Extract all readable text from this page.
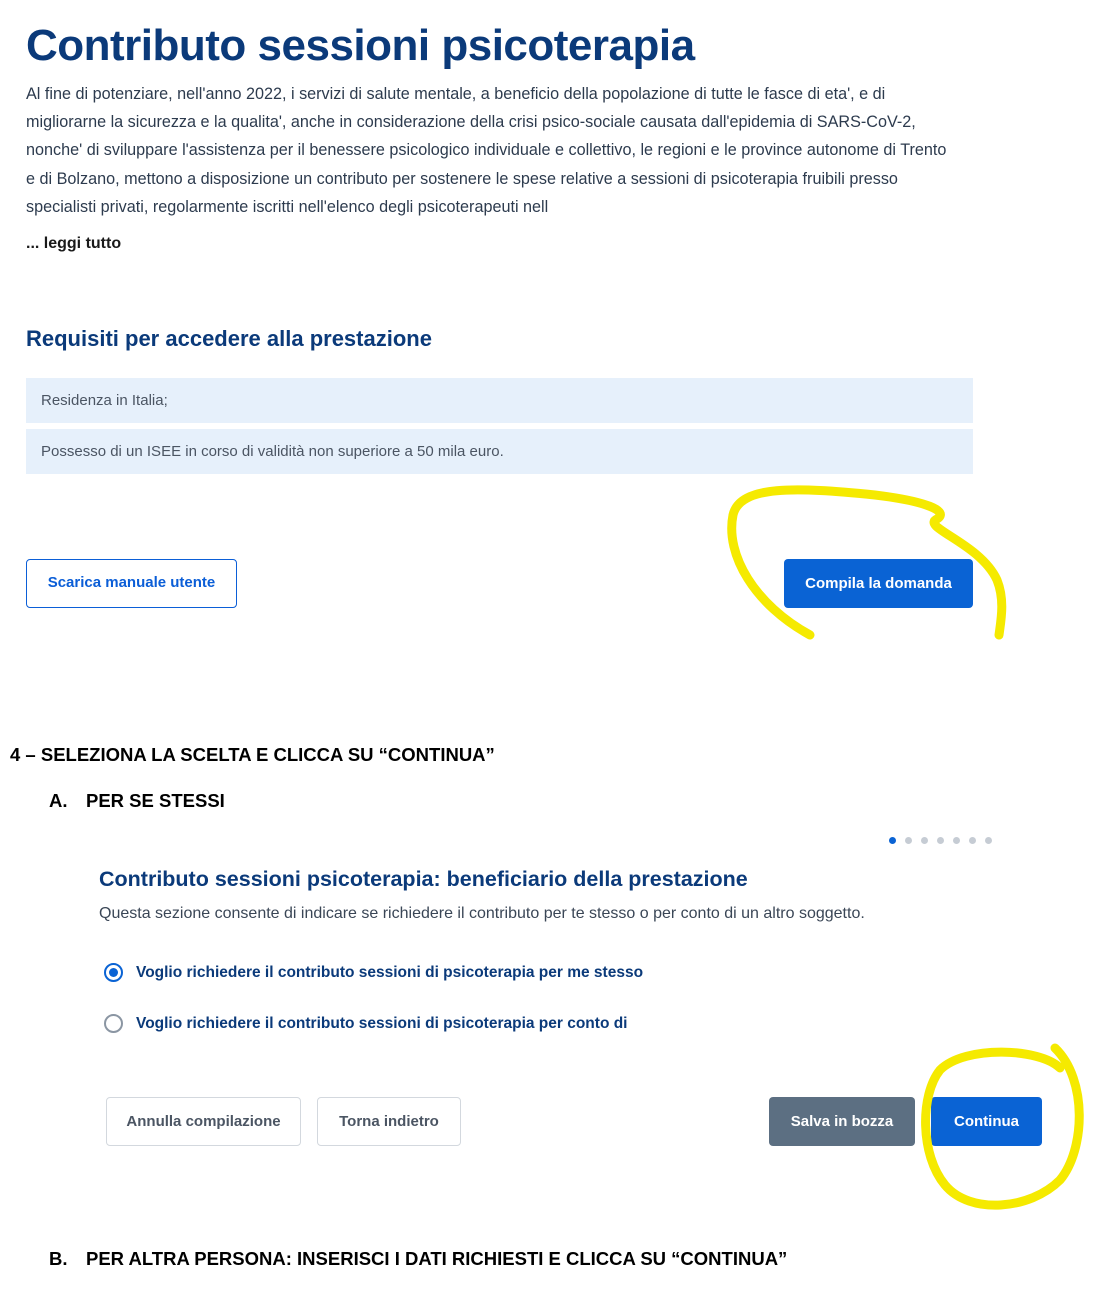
Contributo sessioni psicoterapia
Al fine di potenziare, nell'anno 2022, i servizi di salute mentale, a beneficio della popolazione di tutte le fasce di eta', e di migliorarne la sicurezza e la qualita', anche in considerazione della crisi psico-sociale causata dall'epidemia di SARS-CoV-2, nonche' di sviluppare l'assistenza per il benessere psicologico individuale e collettivo, le regioni e le province autonome di Trento e di Bolzano, mettono a disposizione un contributo per sostenere le spese relative a sessioni di psicoterapia fruibili presso specialisti privati, regolarmente iscritti nell'elenco degli psicoterapeuti nell
... leggi tutto
Requisiti per accedere alla prestazione
Residenza in Italia;
Possesso di un ISEE in corso di validità non superiore a 50 mila euro.
Scarica manuale utente	Compila la domanda
4 – SELEZIONA LA SCELTA E CLICCA SU “CONTINUA”
A. PER SE STESSI
Contributo sessioni psicoterapia: beneficiario della prestazione
Questa sezione consente di indicare se richiedere il contributo per te stesso o per conto di un altro soggetto.
Voglio richiedere il contributo sessioni di psicoterapia per me stesso
Voglio richiedere il contributo sessioni di psicoterapia per conto di
Annulla compilazione	Torna indietro	Salva in bozza	Continua
B. PER ALTRA PERSONA: INSERISCI I DATI RICHIESTI E CLICCA SU “CONTINUA”
